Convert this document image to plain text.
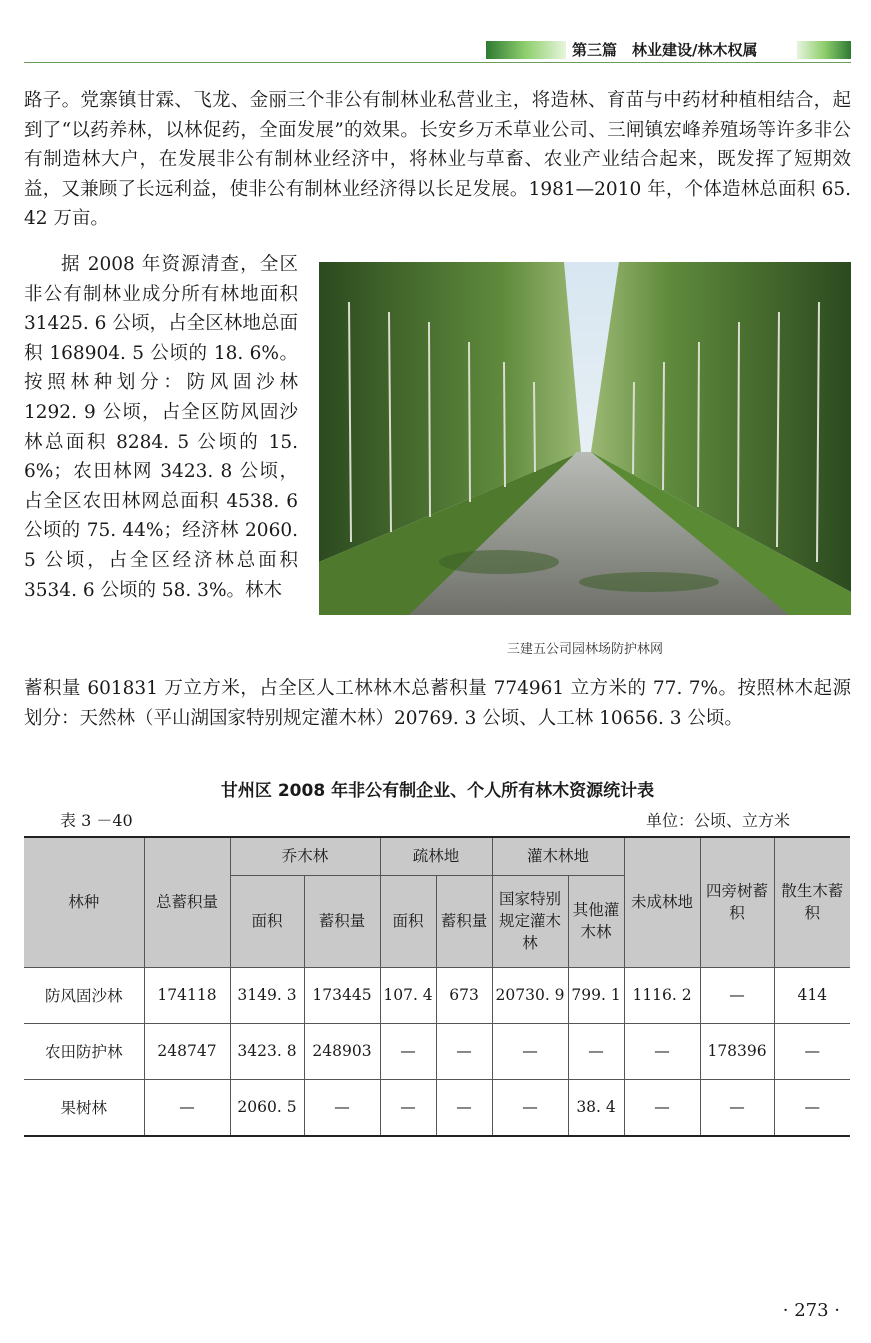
第三篇　林业建设/林木权属

路子。党寨镇甘霖、飞龙、金丽三个非公有制林业私营业主，将造林、育苗与中药材种植相结合，起到了“以药养林，以林促药，全面发展”的效果。长安乡万禾草业公司、三闸镇宏峰养殖场等许多非公有制造林大户，在发展非公有制林业经济中，将林业与草畜、农业产业结合起来，既发挥了短期效益，又兼顾了长远利益，使非公有制林业经济得以长足发展。1981—2010 年，个体造林总面积 65. 42 万亩。

据 2008 年资源清查，全区非公有制林业成分所有林地面积 31425. 6 公顷，占全区林地总面积 168904. 5 公顷的 18. 6%。按照林种划分：防风固沙林 1292. 9 公顷，占全区防风固沙林总面积 8284. 5 公顷的 15. 6%；农田林网 3423. 8 公顷，占全区农田林网总面积 4538. 6 公顷的 75. 44%；经济林 2060. 5 公顷，占全区经济林总面积 3534. 6 公顷的 58. 3%。林木

三建五公司园林场防护林网

蓄积量 601831 万立方米，占全区人工林林木总蓄积量 774961 立方米的 77. 7%。按照林木起源划分：天然林（平山湖国家特别规定灌木林）20769. 3 公顷、人工林 10656. 3 公顷。

甘州区 2008 年非公有制企业、个人所有林木资源统计表
表 3 －40	单位：公顷、立方米
林种	总蓄积量	乔木林		疏林地		灌木林地		未成林地	四旁树蓄积	散生木蓄积
		面积	蓄积量	面积	蓄积量	国家特别规定灌木林	其他灌木林			
防风固沙林	174118	3149. 3	173445	107. 4	673	20730. 9	799. 1	1116. 2	—	414
农田防护林	248747	3423. 8	248903	—	—	—	—	—	178396	—
果树林	—	2060. 5	—	—	—	—	38. 4	—	—	—
· 273 ·
